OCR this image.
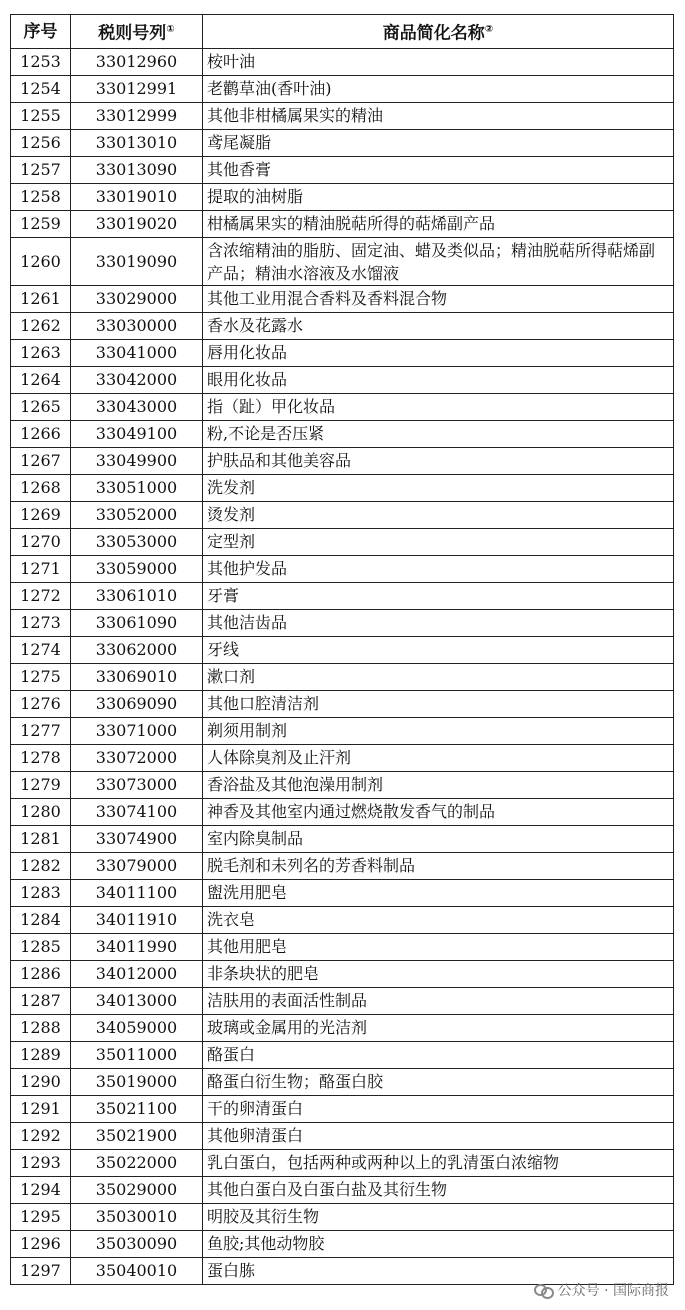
序号	税则号列①	商品简化名称②
1253	33012960	桉叶油
1254	33012991	老鹳草油(香叶油)
1255	33012999	其他非柑橘属果实的精油
1256	33013010	鸢尾凝脂
1257	33013090	其他香膏
1258	33019010	提取的油树脂
1259	33019020	柑橘属果实的精油脱萜所得的萜烯副产品
1260	33019090	含浓缩精油的脂肪、固定油、蜡及类似品；精油脱萜所得萜烯副产品；精油水溶液及水馏液
1261	33029000	其他工业用混合香料及香料混合物
1262	33030000	香水及花露水
1263	33041000	唇用化妆品
1264	33042000	眼用化妆品
1265	33043000	指（趾）甲化妆品
1266	33049100	粉,不论是否压紧
1267	33049900	护肤品和其他美容品
1268	33051000	洗发剂
1269	33052000	烫发剂
1270	33053000	定型剂
1271	33059000	其他护发品
1272	33061010	牙膏
1273	33061090	其他洁齿品
1274	33062000	牙线
1275	33069010	漱口剂
1276	33069090	其他口腔清洁剂
1277	33071000	剃须用制剂
1278	33072000	人体除臭剂及止汗剂
1279	33073000	香浴盐及其他泡澡用制剂
1280	33074100	神香及其他室内通过燃烧散发香气的制品
1281	33074900	室内除臭制品
1282	33079000	脱毛剂和未列名的芳香料制品
1283	34011100	盥洗用肥皂
1284	34011910	洗衣皂
1285	34011990	其他用肥皂
1286	34012000	非条块状的肥皂
1287	34013000	洁肤用的表面活性制品
1288	34059000	玻璃或金属用的光洁剂
1289	35011000	酪蛋白
1290	35019000	酪蛋白衍生物；酪蛋白胶
1291	35021100	干的卵清蛋白
1292	35021900	其他卵清蛋白
1293	35022000	乳白蛋白，包括两种或两种以上的乳清蛋白浓缩物
1294	35029000	其他白蛋白及白蛋白盐及其衍生物
1295	35030010	明胶及其衍生物
1296	35030090	鱼胶;其他动物胶
1297	35040010	蛋白胨
公众号 · 国际商报
